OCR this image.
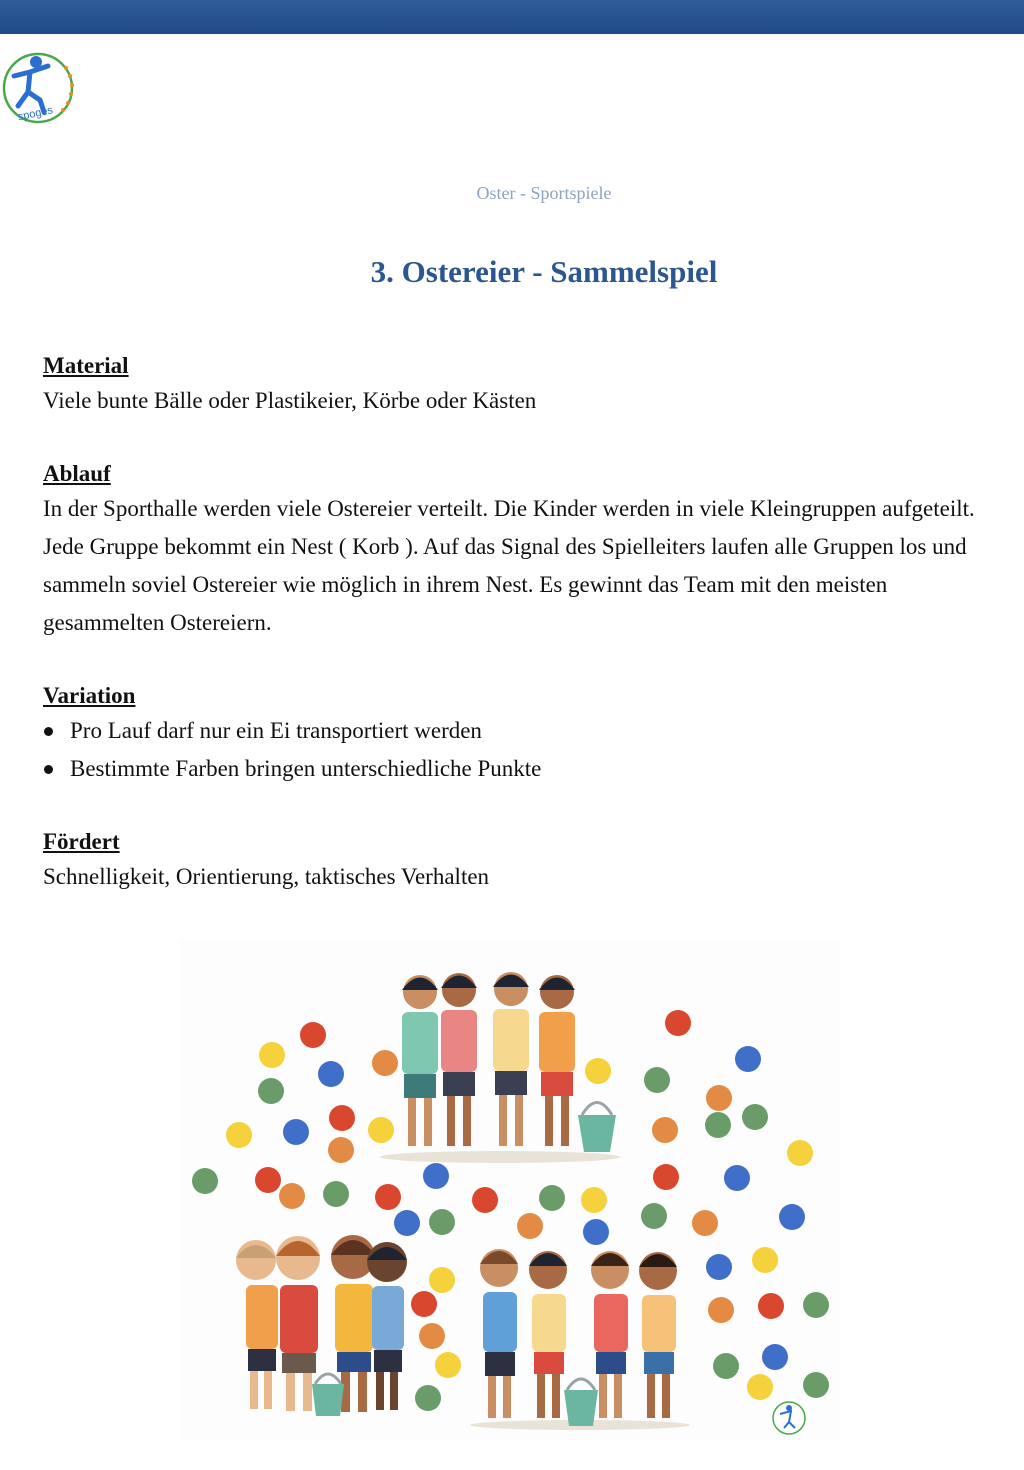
spoges
Oster - Sportspiele
3. Ostereier - Sammelspiel

Material

Viele bunte Bälle oder Plastikeier, Körbe oder Kästen

Ablauf

In der Sporthalle werden viele Ostereier verteilt. Die Kinder werden in viele Kleingruppen aufgeteilt. Jede Gruppe bekommt ein Nest ( Korb ). Auf das Signal des Spielleiters laufen alle Gruppen los und sammeln soviel Ostereier wie möglich in ihrem Nest. Es gewinnt das Team mit den meisten gesammelten Ostereiern.

Variation

Pro Lauf darf nur ein Ei transportiert werden
Bestimmte Farben bringen unterschiedliche Punkte

Fördert

Schnelligkeit, Orientierung, taktisches Verhalten
